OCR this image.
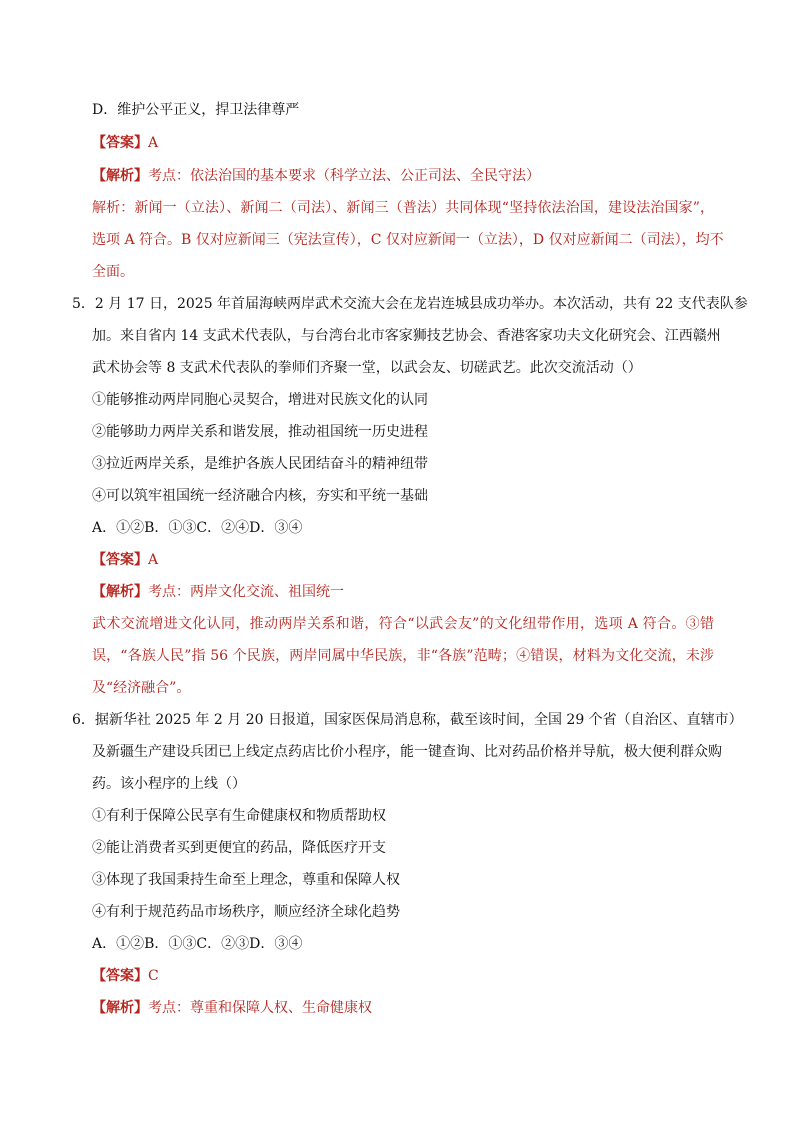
D．维护公平正义，捍卫法律尊严
【答案】A
【解析】考点：依法治国的基本要求（科学立法、公正司法、全民守法）
解析：新闻一（立法）、新闻二（司法）、新闻三（普法）共同体现“坚持依法治国，建设法治国家”，
选项 A 符合。B 仅对应新闻三（宪法宣传），C 仅对应新闻一（立法），D 仅对应新闻二（司法），均不
全面。
5．2 月 17 日，2025 年首届海峡两岸武术交流大会在龙岩连城县成功举办。本次活动，共有 22 支代表队参
加。来自省内 14 支武术代表队，与台湾台北市客家狮技艺协会、香港客家功夫文化研究会、江西赣州
武术协会等 8 支武术代表队的拳师们齐聚一堂，以武会友、切磋武艺。此次交流活动（）
①能够推动两岸同胞心灵契合，增进对民族文化的认同
②能够助力两岸关系和谐发展，推动祖国统一历史进程
③拉近两岸关系，是维护各族人民团结奋斗的精神纽带
④可以筑牢祖国统一经济融合内核，夯实和平统一基础
A．①②B．①③C．②④D．③④
【答案】A
【解析】考点：两岸文化交流、祖国统一
武术交流增进文化认同，推动两岸关系和谐，符合“以武会友”的文化纽带作用，选项 A 符合。③错
误，“各族人民”指 56 个民族，两岸同属中华民族，非“各族”范畴；④错误，材料为文化交流，未涉
及“经济融合”。
6．据新华社 2025 年 2 月 20 日报道，国家医保局消息称，截至该时间，全国 29 个省（自治区、直辖市）
及新疆生产建设兵团已上线定点药店比价小程序，能一键查询、比对药品价格并导航，极大便利群众购
药。该小程序的上线（）
①有利于保障公民享有生命健康权和物质帮助权
②能让消费者买到更便宜的药品，降低医疗开支
③体现了我国秉持生命至上理念，尊重和保障人权
④有利于规范药品市场秩序，顺应经济全球化趋势
A．①②B．①③C．②③D．③④
【答案】C
【解析】考点：尊重和保障人权、生命健康权
